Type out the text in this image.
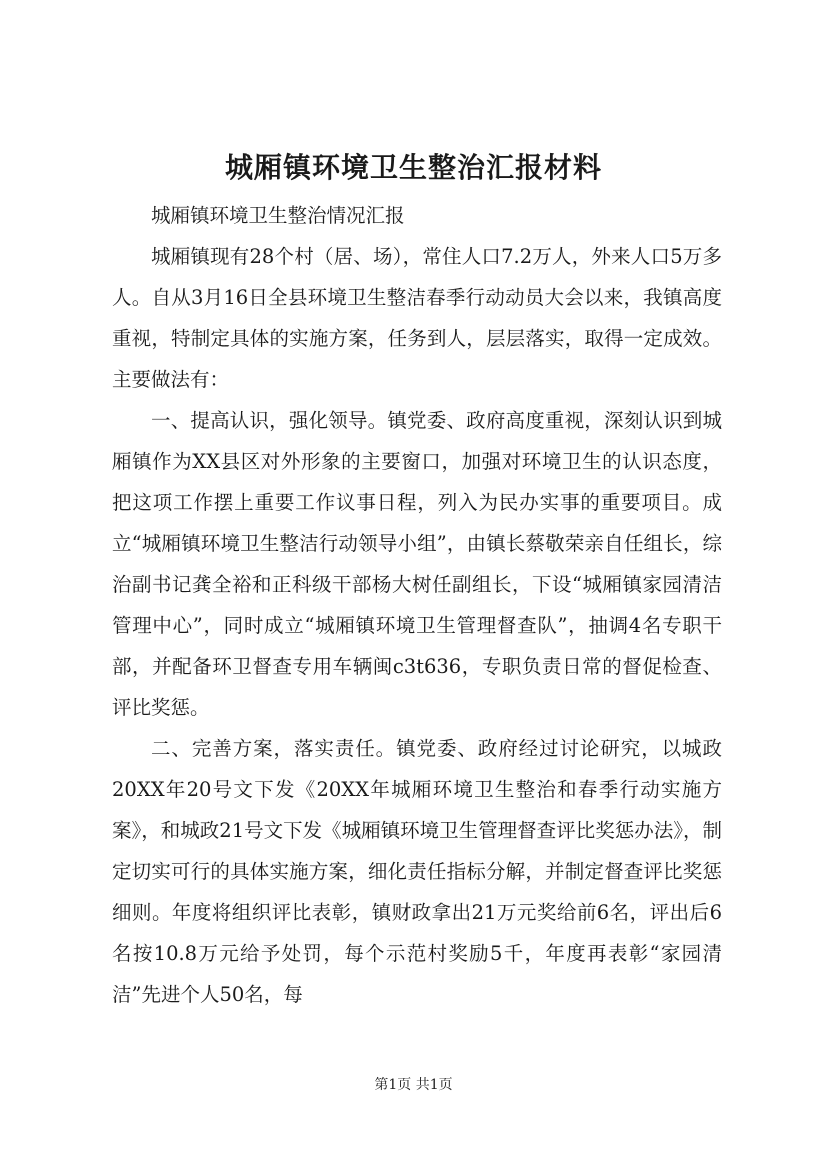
城厢镇环境卫生整治汇报材料

城厢镇环境卫生整治情况汇报

城厢镇现有28个村（居、场），常住人口7.2万人，外来人口5万多人。自从3月16日全县环境卫生整洁春季行动动员大会以来，我镇高度重视，特制定具体的实施方案，任务到人，层层落实，取得一定成效。主要做法有：

一、提高认识，强化领导。镇党委、政府高度重视，深刻认识到城厢镇作为XX县区对外形象的主要窗口，加强对环境卫生的认识态度，把这项工作摆上重要工作议事日程，列入为民办实事的重要项目。成立“城厢镇环境卫生整洁行动领导小组”，由镇长蔡敬荣亲自任组长，综治副书记龚全裕和正科级干部杨大树任副组长，下设“城厢镇家园清洁管理中心”，同时成立“城厢镇环境卫生管理督查队”，抽调4名专职干部，并配备环卫督查专用车辆闽c3t636，专职负责日常的督促检查、评比奖惩。

二、完善方案，落实责任。镇党委、政府经过讨论研究，以城政20XX年20号文下发《20XX年城厢环境卫生整治和春季行动实施方案》，和城政21号文下发《城厢镇环境卫生管理督查评比奖惩办法》，制定切实可行的具体实施方案，细化责任指标分解，并制定督查评比奖惩细则。年度将组织评比表彰，镇财政拿出21万元奖给前6名，评出后6名按10.8万元给予处罚，每个示范村奖励5千，年度再表彰“家园清洁”先进个人50名，每

第1页 共1页
